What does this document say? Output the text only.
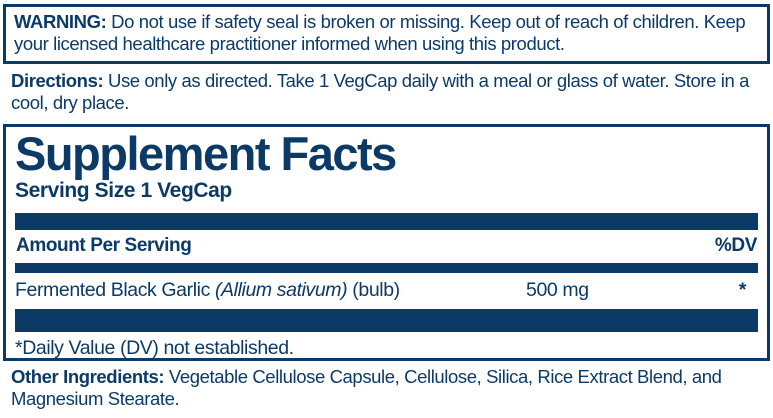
WARNING: Do not use if safety seal is broken or missing. Keep out of reach of children. Keep your licensed healthcare practitioner informed when using this product.
Directions: Use only as directed. Take 1 VegCap daily with a meal or glass of water. Store in a cool, dry place.
Supplement Facts
Serving Size 1 VegCap
Amount Per Serving	%DV
Fermented Black Garlic (Allium sativum) (bulb)	500 mg	*
*Daily Value (DV) not established.
Other Ingredients: Vegetable Cellulose Capsule, Cellulose, Silica, Rice Extract Blend, and Magnesium Stearate.
